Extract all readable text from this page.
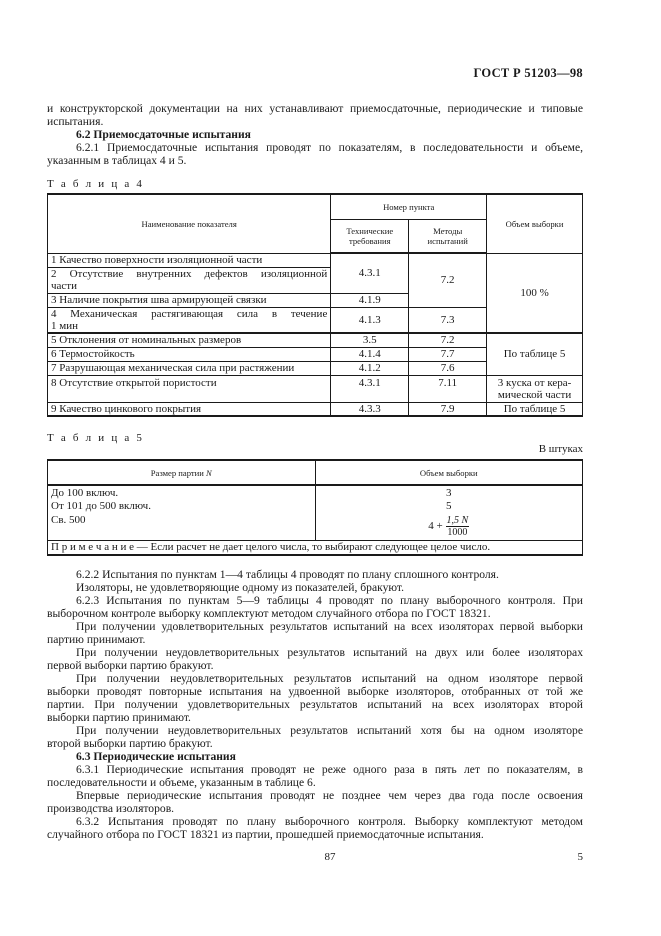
ГОСТ Р 51203—98
и конструкторской документации на них устанавливают приемосдаточные, периодические и типовые
испытания.
6.2 Приемосдаточные испытания
6.2.1 Приемосдаточные испытания проводят по показателям, в последовательности и объеме,
указанным в таблицах 4 и 5.
Т а б л и ц а 4
Наименование показателя	Номер пункта		Объем выборки
	Технические требования	Методы испытаний	
1 Качество поверхности изоляционной части	4.3.1	7.2	100 %

2 Отсутствие внутренних дефектов изоляционной
части			

3 Наличие покрытия шва армирующей связки	4.1.9		

4 Механическая растягивающая сила в течение
1 мин	4.1.3	7.3	
5 Отклонения от номинальных размеров	3.5	7.2	По таблице 5
6 Термостойкость	4.1.4	7.7	
7 Разрушающая механическая сила при растяжении	4.1.2	7.6	
8 Отсутствие открытой пористости	4.3.1	7.11	3 куска от кера-
мической части

9 Качество цинкового покрытия	4.3.3	7.9	По таблице 5
Т а б л и ц а 5
В штуках
Размер партии N	Объем выборки
До 100 включ.	3
От 101 до 500 включ.	5
Св. 500	$4 + \frac{1,5 N}{1000}$

П р и м е ч а н и е — Если расчет не дает целого числа, то выбирают следующее целое число.	
6.2.2 Испытания по пунктам 1—4 таблицы 4 проводят по плану сплошного контроля.
Изоляторы, не удовлетворяющие одному из показателей, бракуют.
6.2.3 Испытания по пунктам 5—9 таблицы 4 проводят по плану выборочного контроля. При
выборочном контроле выборку комплектуют методом случайного отбора по ГОСТ 18321.
При получении удовлетворительных результатов испытаний на всех изоляторах первой выборки
партию принимают.
При получении неудовлетворительных результатов испытаний на двух или более изоляторах
первой выборки партию бракуют.
При получении неудовлетворительных результатов испытаний на одном изоляторе первой
выборки проводят повторные испытания на удвоенной выборке изоляторов, отобранных от той же
партии. При получении удовлетворительных результатов испытаний на всех изоляторах второй
выборки партию принимают.
При получении неудовлетворительных результатов испытаний хотя бы на одном изоляторе
второй выборки партию бракуют.
6.3 Периодические испытания
6.3.1 Периодические испытания проводят не реже одного раза в пять лет по показателям, в
последовательности и объеме, указанным в таблице 6.
Впервые периодические испытания проводят не позднее чем через два года после освоения
производства изоляторов.
6.3.2 Испытания проводят по плану выборочного контроля. Выборку комплектуют методом
случайного отбора по ГОСТ 18321 из партии, прошедшей приемосдаточные испытания.
87	5
